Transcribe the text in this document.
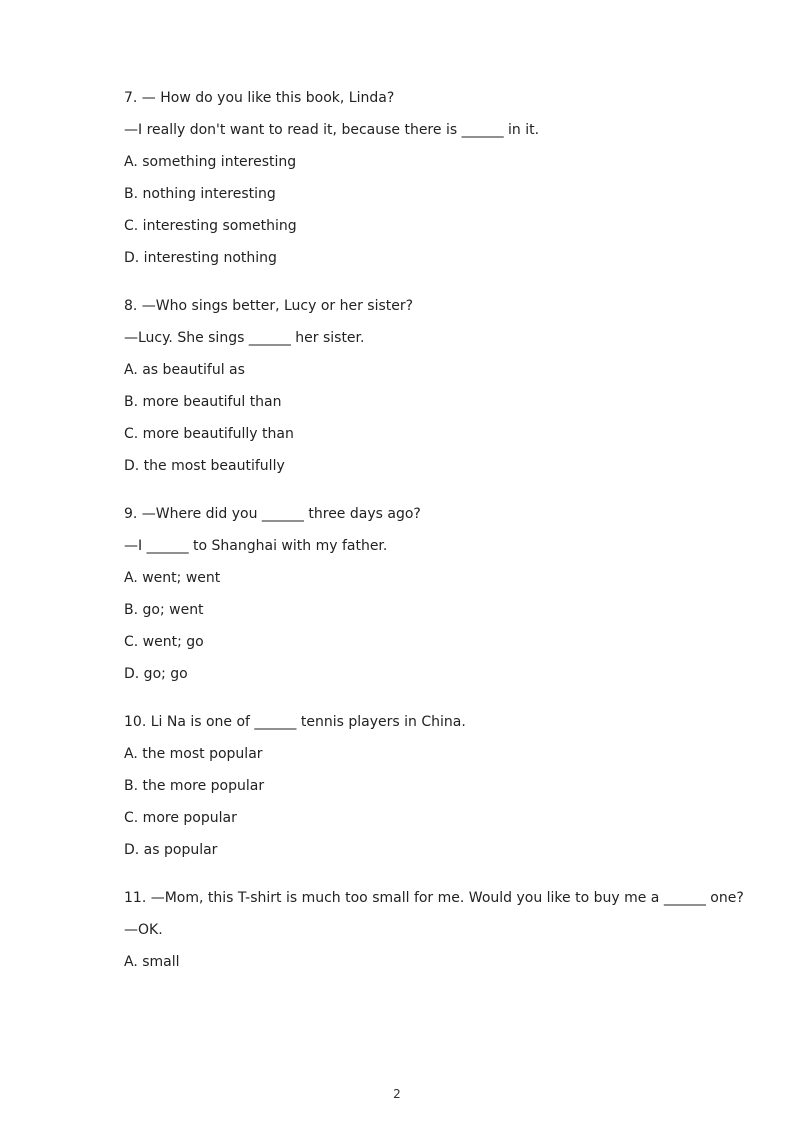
7. — How do you like this book, Linda?
—I really don't want to read it, because there is ______ in it.
A. something interesting
B. nothing interesting
C. interesting something
D. interesting nothing
8. —Who sings better, Lucy or her sister?
—Lucy. She sings ______ her sister.
A. as beautiful as
B. more beautiful than
C. more beautifully than
D. the most beautifully
9. —Where did you ______ three days ago?
—I ______ to Shanghai with my father.
A. went; went
B. go; went
C. went; go
D. go; go
10. Li Na is one of ______ tennis players in China.
A. the most popular
B. the more popular
C. more popular
D. as popular
11. —Mom, this T-shirt is much too small for me. Would you like to buy me a ______ one?
—OK.
A. small
2
